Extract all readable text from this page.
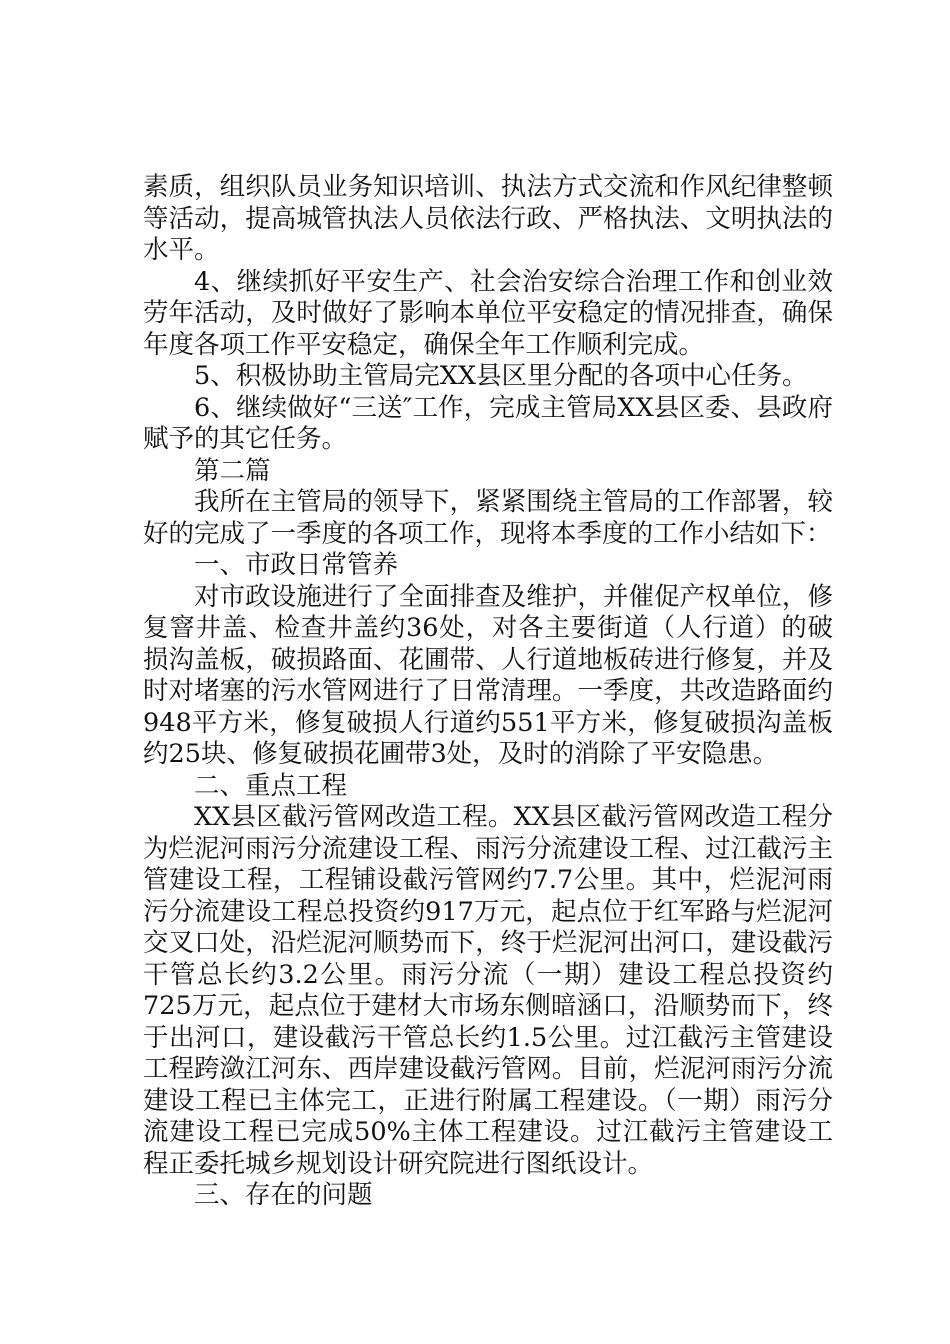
素质，组织队员业务知识培训、执法方式交流和作风纪律整顿等活动，提高城管执法人员依法行政、严格执法、文明执法的水平。

4、继续抓好平安生产、社会治安综合治理工作和创业效劳年活动，及时做好了影响本单位平安稳定的情况排查，确保年度各项工作平安稳定，确保全年工作顺利完成。

5、积极协助主管局完XX县区里分配的各项中心任务。

6、继续做好“三送″工作，完成主管局XX县区委、县政府赋予的其它任务。

第二篇

我所在主管局的领导下，紧紧围绕主管局的工作部署，较好的完成了一季度的各项工作，现将本季度的工作小结如下：

一、市政日常管养

对市政设施进行了全面排查及维护，并催促产权单位，修复窨井盖、检查井盖约36处，对各主要街道（人行道）的破损沟盖板，破损路面、花圃带、人行道地板砖进行修复，并及时对堵塞的污水管网进行了日常清理。一季度，共改造路面约948平方米，修复破损人行道约551平方米，修复破损沟盖板约25块、修复破损花圃带3处，及时的消除了平安隐患。

二、重点工程

XX县区截污管网改造工程。XX县区截污管网改造工程分为烂泥河雨污分流建设工程、雨污分流建设工程、过江截污主管建设工程，工程铺设截污管网约7.7公里。其中，烂泥河雨污分流建设工程总投资约917万元，起点位于红军路与烂泥河交叉口处，沿烂泥河顺势而下，终于烂泥河出河口，建设截污干管总长约3.2公里。雨污分流（一期）建设工程总投资约725万元，起点位于建材大市场东侧暗涵口，沿顺势而下，终于出河口，建设截污干管总长约1.5公里。过江截污主管建设工程跨潋江河东、西岸建设截污管网。目前，烂泥河雨污分流建设工程已主体完工，正进行附属工程建设。（一期）雨污分流建设工程已完成50%主体工程建设。过江截污主管建设工程正委托城乡规划设计研究院进行图纸设计。

三、存在的问题
